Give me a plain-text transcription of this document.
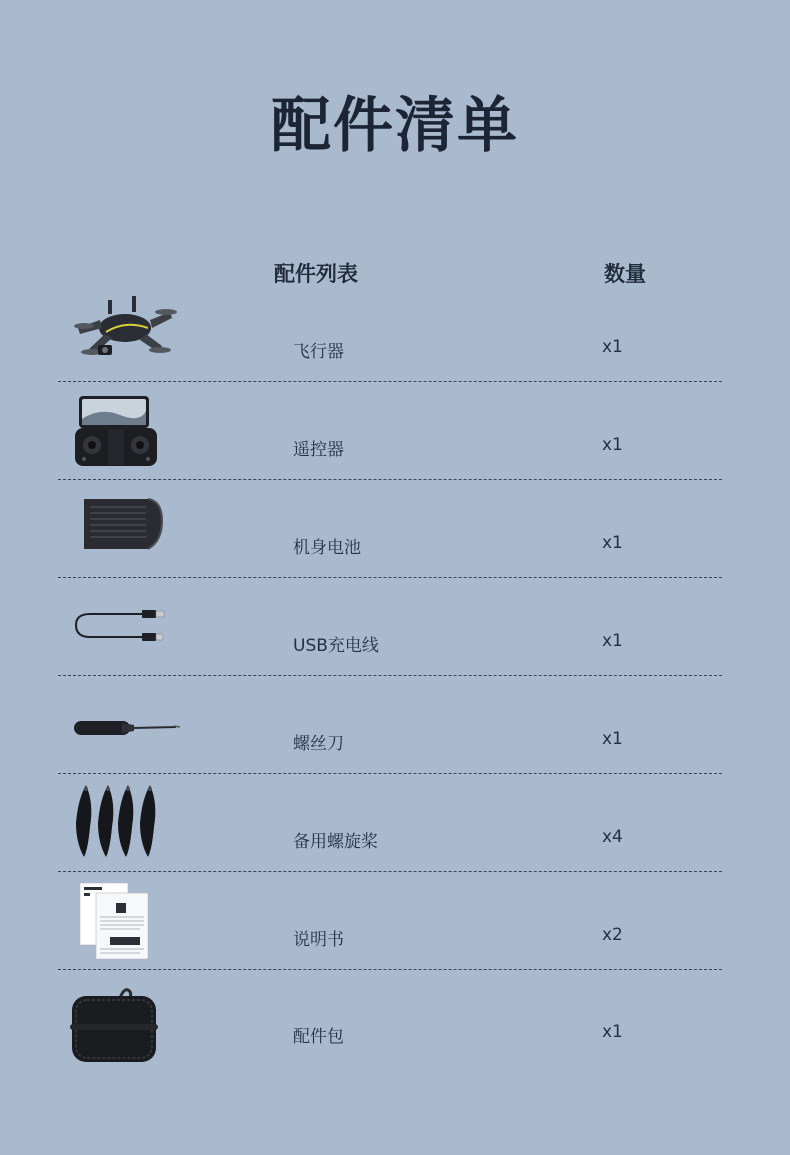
配件清单
配件列表	数量
飞行器	x1
遥控器	x1
机身电池	x1
USB充电线	x1
螺丝刀	x1
备用螺旋桨	x4
说明书	x2
配件包	x1
